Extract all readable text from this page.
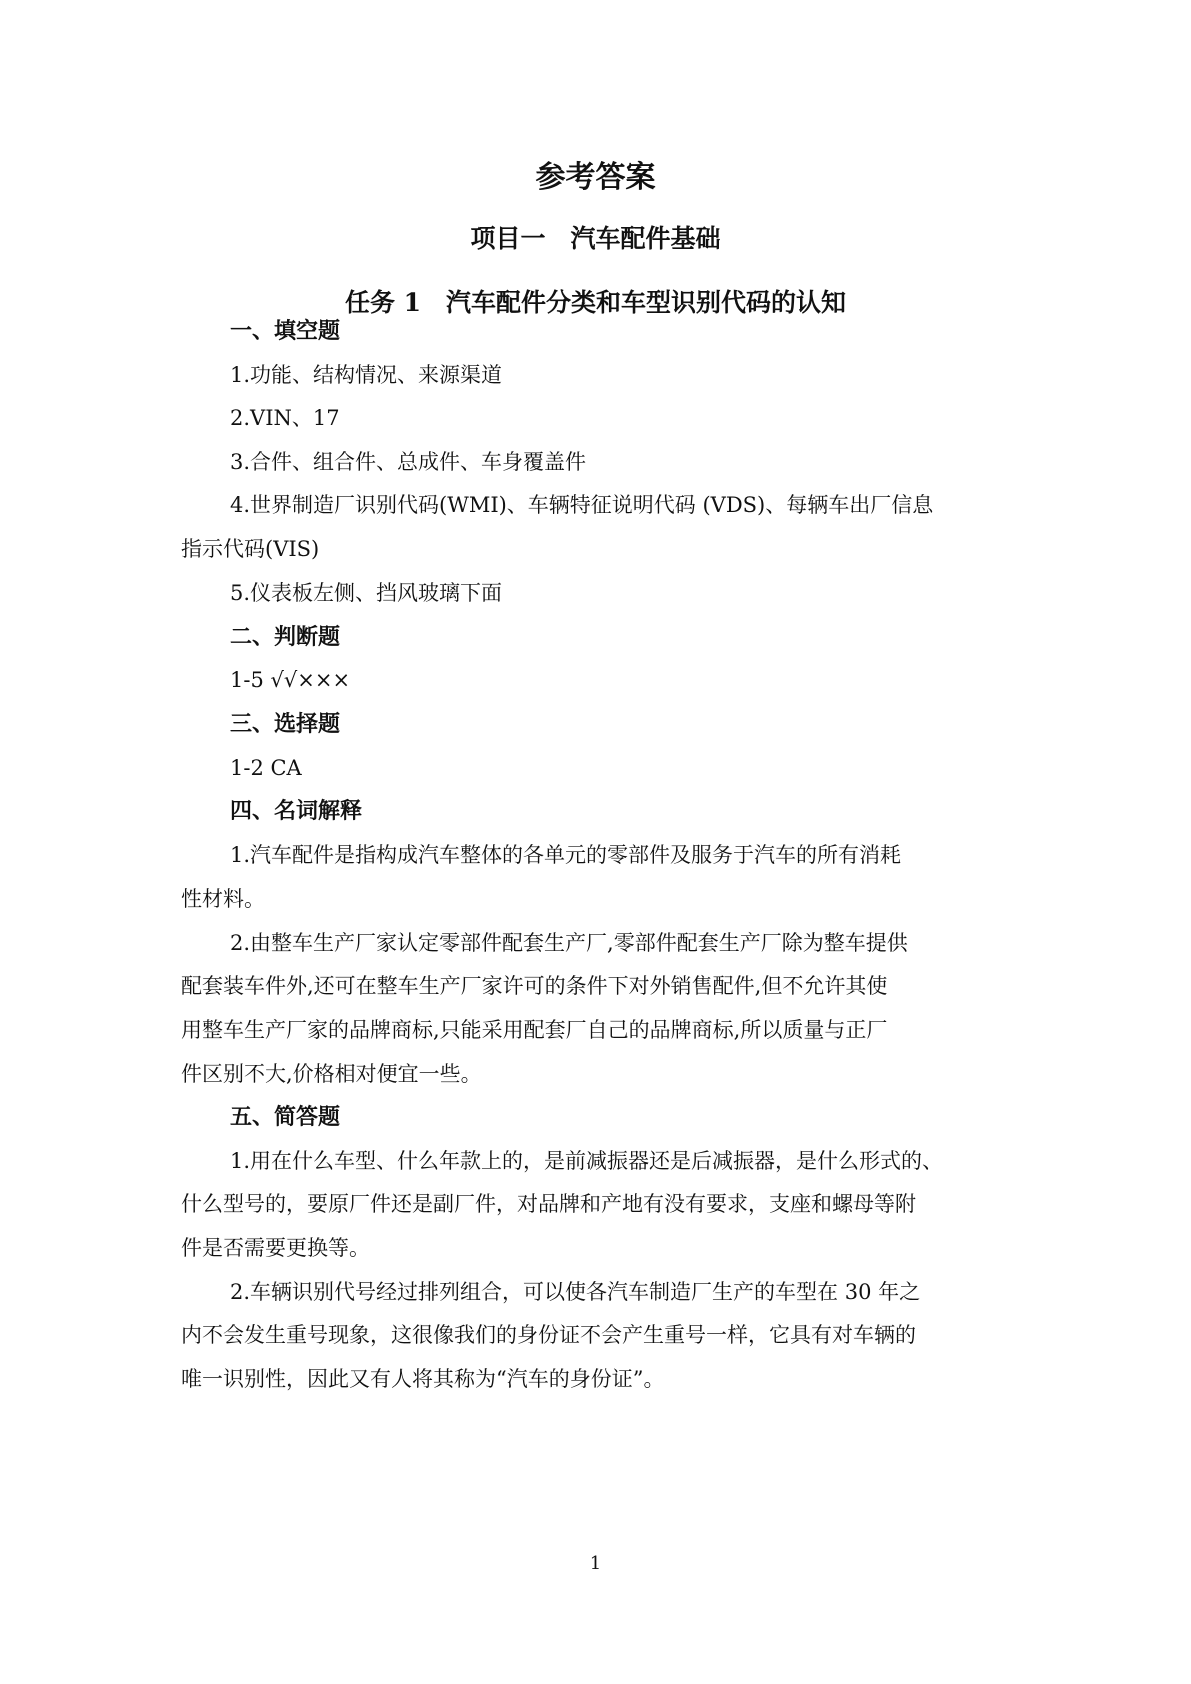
参考答案
项目一　汽车配件基础
任务 1　汽车配件分类和车型识别代码的认知
一、填空题
1.功能、结构情况、来源渠道
2.VIN、17
3.合件、组合件、总成件、车身覆盖件
4.世界制造厂识别代码(WMI)、车辆特征说明代码 (VDS)、每辆车出厂信息
指示代码(VIS)
5.仪表板左侧、挡风玻璃下面
二、判断题
1-5 √√×××
三、选择题
1-2 CA
四、名词解释
1.汽车配件是指构成汽车整体的各单元的零部件及服务于汽车的所有消耗
性材料。
2.由整车生产厂家认定零部件配套生产厂,零部件配套生产厂除为整车提供
配套装车件外,还可在整车生产厂家许可的条件下对外销售配件,但不允许其使
用整车生产厂家的品牌商标,只能采用配套厂自己的品牌商标,所以质量与正厂
件区别不大,价格相对便宜一些。
五、简答题
1.用在什么车型、什么年款上的，是前减振器还是后减振器，是什么形式的、
什么型号的，要原厂件还是副厂件，对品牌和产地有没有要求，支座和螺母等附
件是否需要更换等。
2.车辆识别代号经过排列组合，可以使各汽车制造厂生产的车型在 30 年之
内不会发生重号现象，这很像我们的身份证不会产生重号一样，它具有对车辆的
唯一识别性，因此又有人将其称为“汽车的身份证”。
1
